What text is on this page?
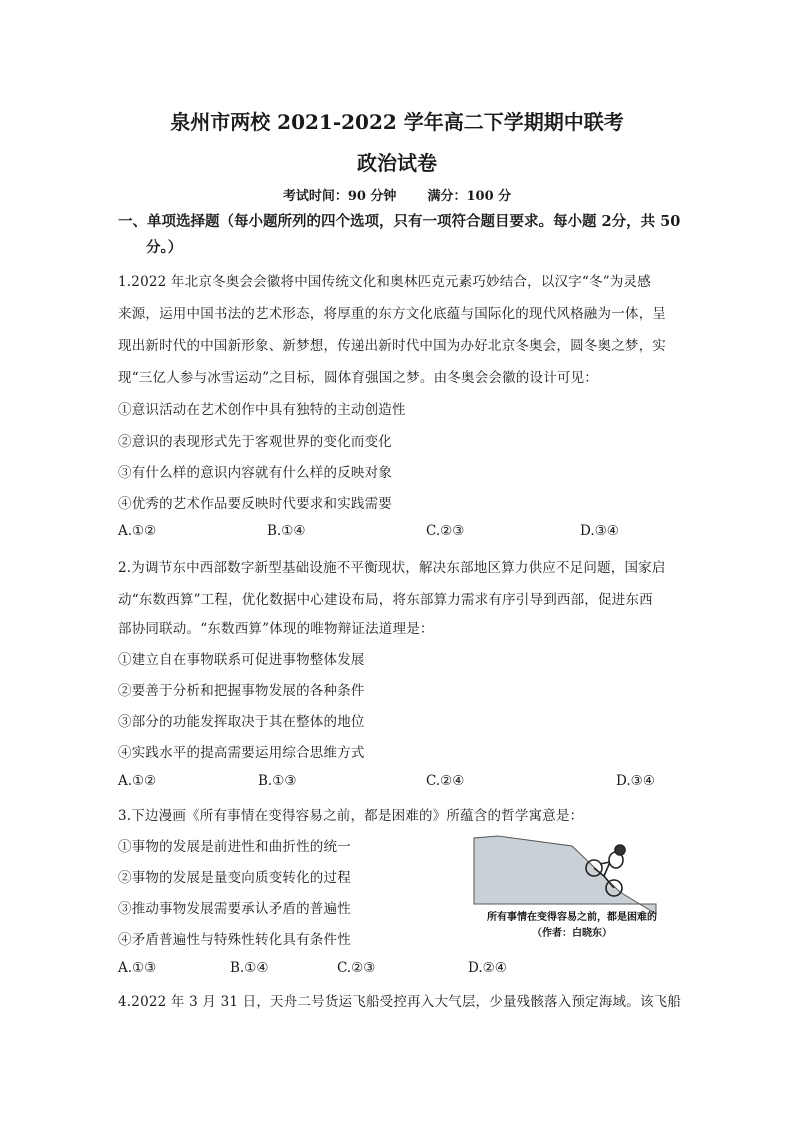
泉州市两校 2021-2022 学年高二下学期期中联考
政治试卷
考试时间：90 分钟 满分：100 分
一、单项选择题（每小题所列的四个选项，只有一项符合题目要求。每小题 2分，共 50
分。）
1.2022 年北京冬奥会会徽将中国传统文化和奥林匹克元素巧妙结合，以汉字“冬”为灵感
来源，运用中国书法的艺术形态，将厚重的东方文化底蕴与国际化的现代风格融为一体，呈
现出新时代的中国新形象、新梦想，传递出新时代中国为办好北京冬奥会，圆冬奥之梦，实
现“三亿人参与冰雪运动”之目标，圆体育强国之梦。由冬奥会会徽的设计可见：
①意识活动在艺术创作中具有独特的主动创造性
②意识的表现形式先于客观世界的变化而变化
③有什么样的意识内容就有什么样的反映对象
④优秀的艺术作品要反映时代要求和实践需要
A.①②	B.①④	C.②③	D.③④
2.为调节东中西部数字新型基础设施不平衡现状，解决东部地区算力供应不足问题，国家启
动“东数西算”工程，优化数据中心建设布局，将东部算力需求有序引导到西部，促进东西
部协同联动。“东数西算”体现的唯物辩证法道理是：
①建立自在事物联系可促进事物整体发展
②要善于分析和把握事物发展的各种条件
③部分的功能发挥取决于其在整体的地位
④实践水平的提高需要运用综合思维方式
A.①②	B.①③	C.②④	D.③④
3.下边漫画《所有事情在变得容易之前，都是困难的》所蕴含的哲学寓意是：
①事物的发展是前进性和曲折性的统一
②事物的发展是量变向质变转化的过程
③推动事物发展需要承认矛盾的普遍性
④矛盾普遍性与特殊性转化具有条件性
A.①③	B.①④	C.②③	D.②④
所有事情在变得容易之前，都是困难的
（作者：白晓东）
4.2022 年 3 月 31 日，天舟二号货运飞船受控再入大气层，少量残骸落入预定海域。该飞船
